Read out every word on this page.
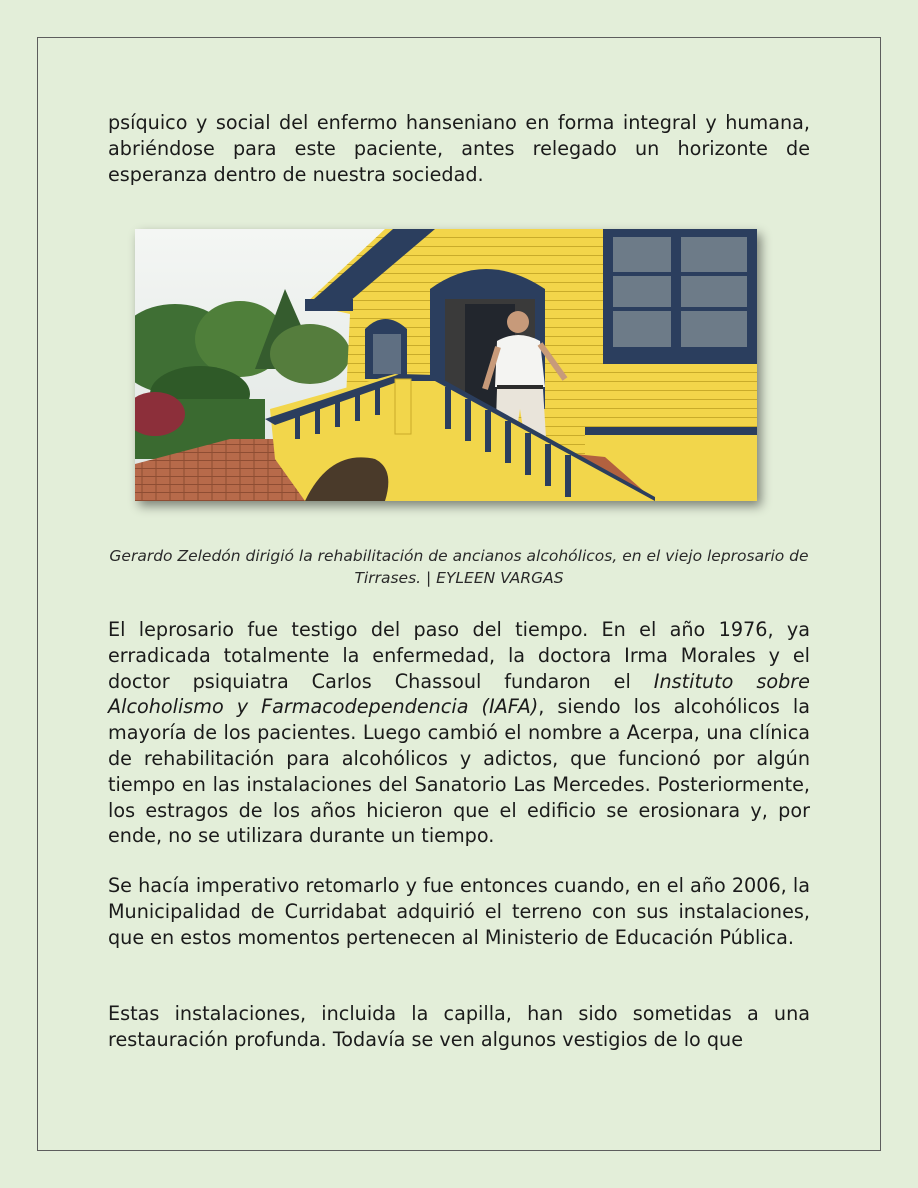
psíquico y social del enfermo hanseniano en forma integral y humana, abriéndose para este paciente, antes relegado un horizonte de esperanza dentro de nuestra sociedad.

Gerardo Zeledón dirigió la rehabilitación de ancianos alcohólicos, en el viejo leprosario de Tirrases. | EYLEEN VARGAS

El leprosario fue testigo del paso del tiempo. En el año 1976, ya erradicada totalmente la enfermedad, la doctora Irma Morales y el doctor psiquiatra Carlos Chassoul fundaron el Instituto sobre Alcoholismo y Farmacodependencia (IAFA), siendo los alcohólicos la mayoría de los pacientes. Luego cambió el nombre a Acerpa, una clínica de rehabilitación para alcohólicos y adictos, que funcionó por algún tiempo en las instalaciones del Sanatorio Las Mercedes. Posteriormente, los estragos de los años hicieron que el edificio se erosionara y, por ende, no se utilizara durante un tiempo.

Se hacía imperativo retomarlo y fue entonces cuando, en el año 2006, la Municipalidad de Curridabat adquirió el terreno con sus instalaciones, que en estos momentos pertenecen al Ministerio de Educación Pública.

Estas instalaciones, incluida la capilla, han sido sometidas a una restauración profunda. Todavía se ven algunos vestigios de lo que
